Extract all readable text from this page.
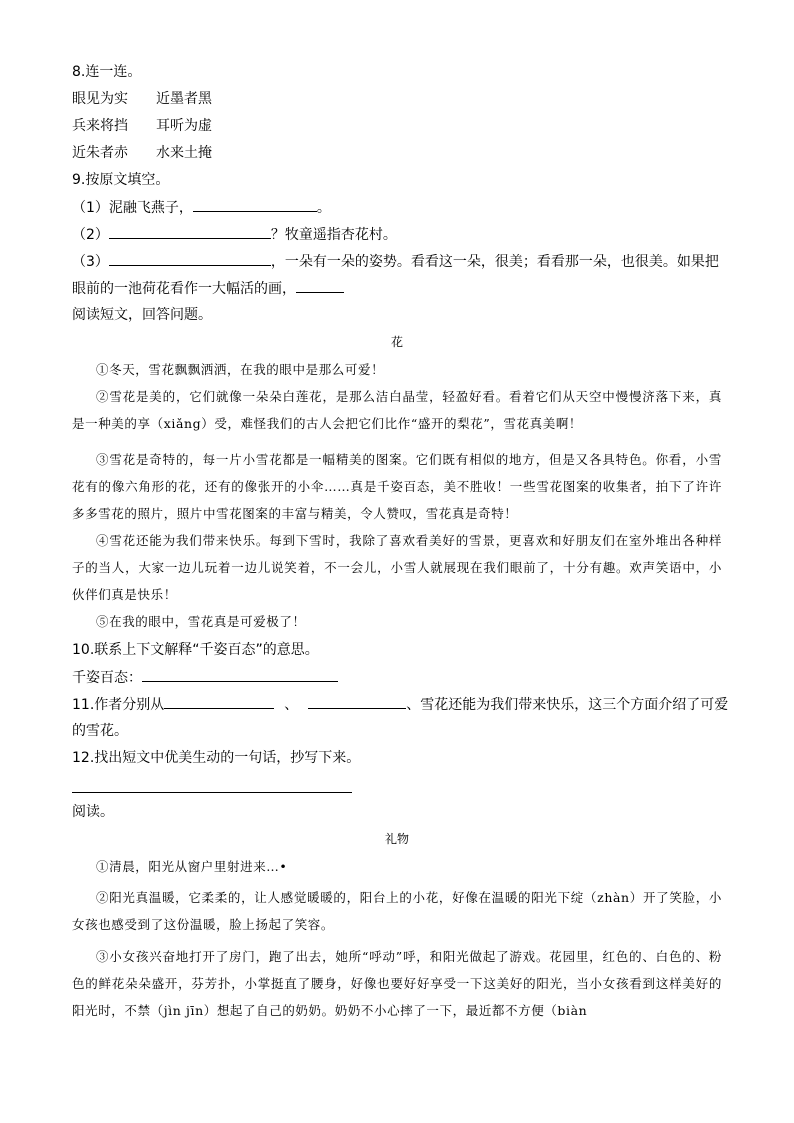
8.连一连。
眼见为实 近墨者黑
兵来将挡 耳听为虚
近朱者赤 水来土掩
9.按原文填空。
（1）泥融飞燕子，	。
（2）	？牧童遥指杏花村。
（3）	，一朵有一朵的姿势。看看这一朵，很美；看看那一朵，也很美。如果把
眼前的一池荷花看作一大幅活的画，
阅读短文，回答问题。
花
①冬天，雪花飘飘洒洒，在我的眼中是那么可爱！
②雪花是美的，它们就像一朵朵白莲花，是那么洁白晶莹，轻盈好看。看着它们从天空中慢慢济落下来，真是一种美的享（xiǎng）受，难怪我们的古人会把它们比作“盛开的梨花”，雪花真美啊！
③雪花是奇特的，每一片小雪花都是一幅精美的图案。它们既有相似的地方，但是又各具特色。你看，小雪花有的像六角形的花，还有的像张开的小伞……真是千姿百态，美不胜收！一些雪花图案的收集者，拍下了许许多多雪花的照片，照片中雪花图案的丰富与精美，令人赞叹，雪花真是奇特！
④雪花还能为我们带来快乐。每到下雪时，我除了喜欢看美好的雪景，更喜欢和好朋友们在室外堆出各种样子的当人，大家一边儿玩着一边儿说笑着，不一会儿，小雪人就展现在我们眼前了，十分有趣。欢声笑语中，小伙伴们真是快乐！
⑤在我的眼中，雪花真是可爱极了！
10.联系上下文解释“千姿百态”的意思。
千姿百态：
11.作者分别从	、	、雪花还能为我们带来快乐，这三个方面介绍了可爱
的雪花。
12.找出短文中优美生动的一句话，抄写下来。
阅读。
礼物
①清晨，阳光从窗户里射进来…•
②阳光真温暖，它柔柔的，让人感觉暖暖的，阳台上的小花，好像在温暖的阳光下绽（zhàn）开了笑脸，小女孩也感受到了这份温暖，脸上扬起了笑容。
③小女孩兴奋地打开了房门，跑了出去，她所“呼动”呼，和阳光做起了游戏。花园里，红色的、白色的、粉色的鲜花朵朵盛开，芬芳扑，小掌挺直了腰身，好像也要好好享受一下这美好的阳光，当小女孩看到这样美好的阳光时，不禁（jìn jīn）想起了自己的奶奶。奶奶不小心摔了一下，最近都不方便（biàn
